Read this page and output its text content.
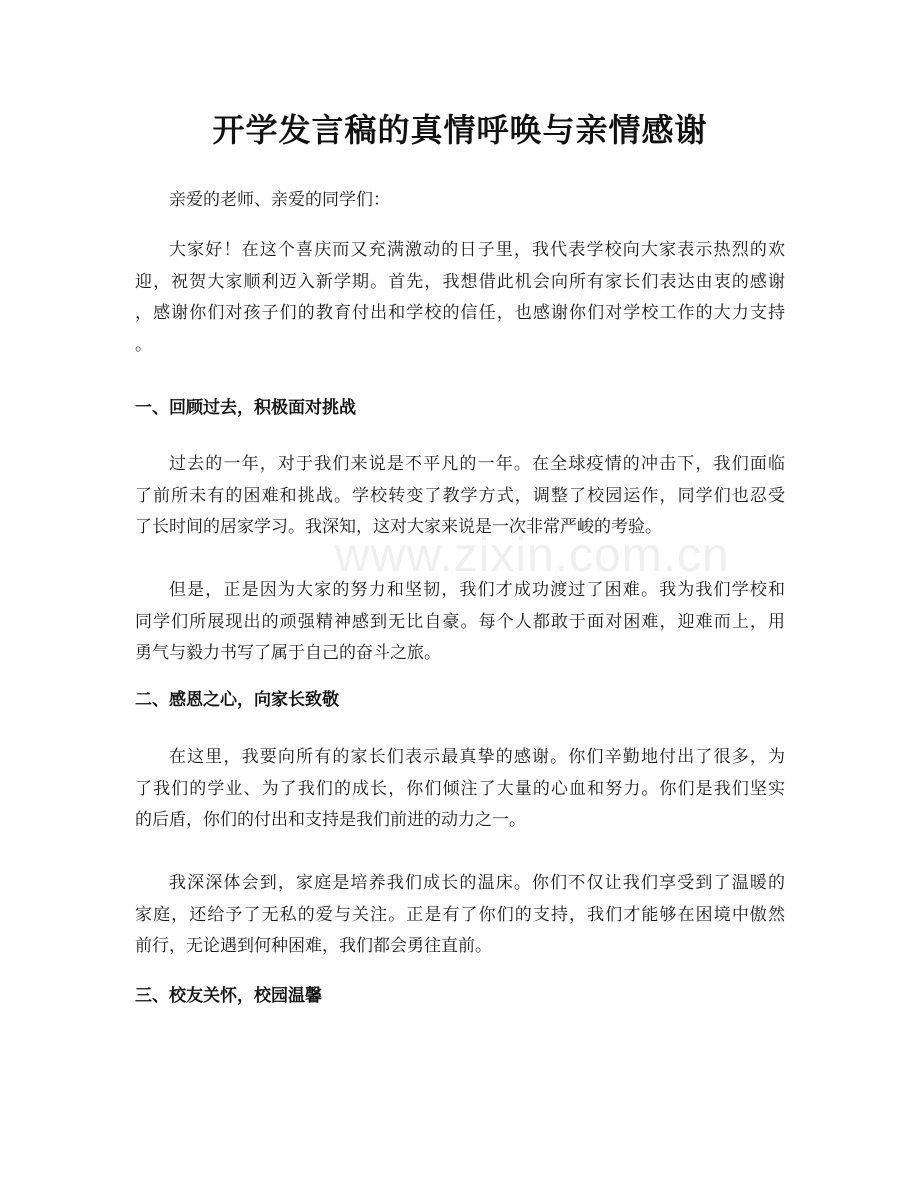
www.zixin.com.cn
开学发言稿的真情呼唤与亲情感谢
亲爱的老师、亲爱的同学们：
大家好！在这个喜庆而又充满激动的日子里，我代表学校向大家表示热烈的欢
迎，祝贺大家顺利迈入新学期。首先，我想借此机会向所有家长们表达由衷的感谢
，感谢你们对孩子们的教育付出和学校的信任，也感谢你们对学校工作的大力支持
。
一、回顾过去，积极面对挑战
过去的一年，对于我们来说是不平凡的一年。在全球疫情的冲击下，我们面临
了前所未有的困难和挑战。学校转变了教学方式，调整了校园运作，同学们也忍受
了长时间的居家学习。我深知，这对大家来说是一次非常严峻的考验。
但是，正是因为大家的努力和坚韧，我们才成功渡过了困难。我为我们学校和
同学们所展现出的顽强精神感到无比自豪。每个人都敢于面对困难，迎难而上，用
勇气与毅力书写了属于自己的奋斗之旅。
二、感恩之心，向家长致敬
在这里，我要向所有的家长们表示最真挚的感谢。你们辛勤地付出了很多，为
了我们的学业、为了我们的成长，你们倾注了大量的心血和努力。你们是我们坚实
的后盾，你们的付出和支持是我们前进的动力之一。
我深深体会到，家庭是培养我们成长的温床。你们不仅让我们享受到了温暖的
家庭，还给予了无私的爱与关注。正是有了你们的支持，我们才能够在困境中傲然
前行，无论遇到何种困难，我们都会勇往直前。
三、校友关怀，校园温馨
